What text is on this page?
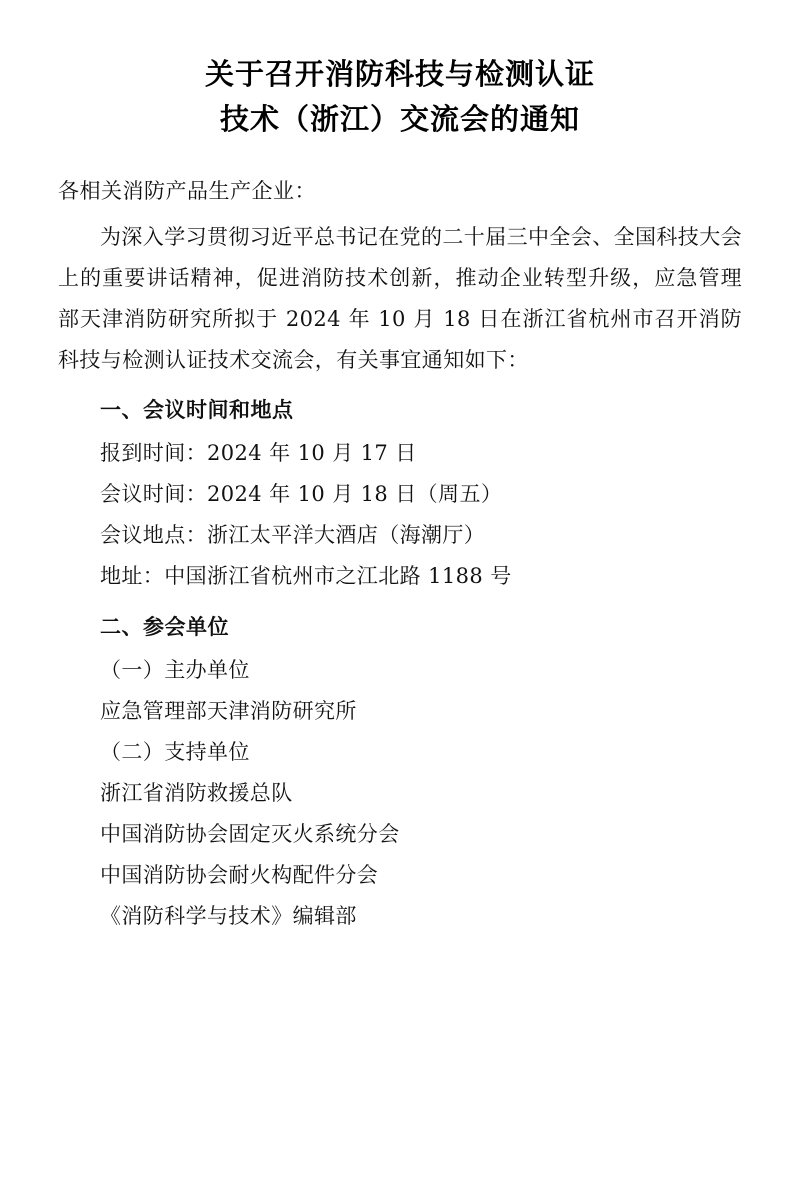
关于召开消防科技与检测认证
技术（浙江）交流会的通知

各相关消防产品生产企业：

为深入学习贯彻习近平总书记在党的二十届三中全会、全国科技大会上的重要讲话精神，促进消防技术创新，推动企业转型升级，应急管理部天津消防研究所拟于 2024 年 10 月 18 日在浙江省杭州市召开消防科技与检测认证技术交流会，有关事宜通知如下：

一、会议时间和地点

报到时间：2024 年 10 月 17 日

会议时间：2024 年 10 月 18 日（周五）

会议地点：浙江太平洋大酒店（海潮厅）

地址：中国浙江省杭州市之江北路 1188 号

二、参会单位

（一）主办单位

应急管理部天津消防研究所

（二）支持单位

浙江省消防救援总队

中国消防协会固定灭火系统分会

中国消防协会耐火构配件分会

《消防科学与技术》编辑部
